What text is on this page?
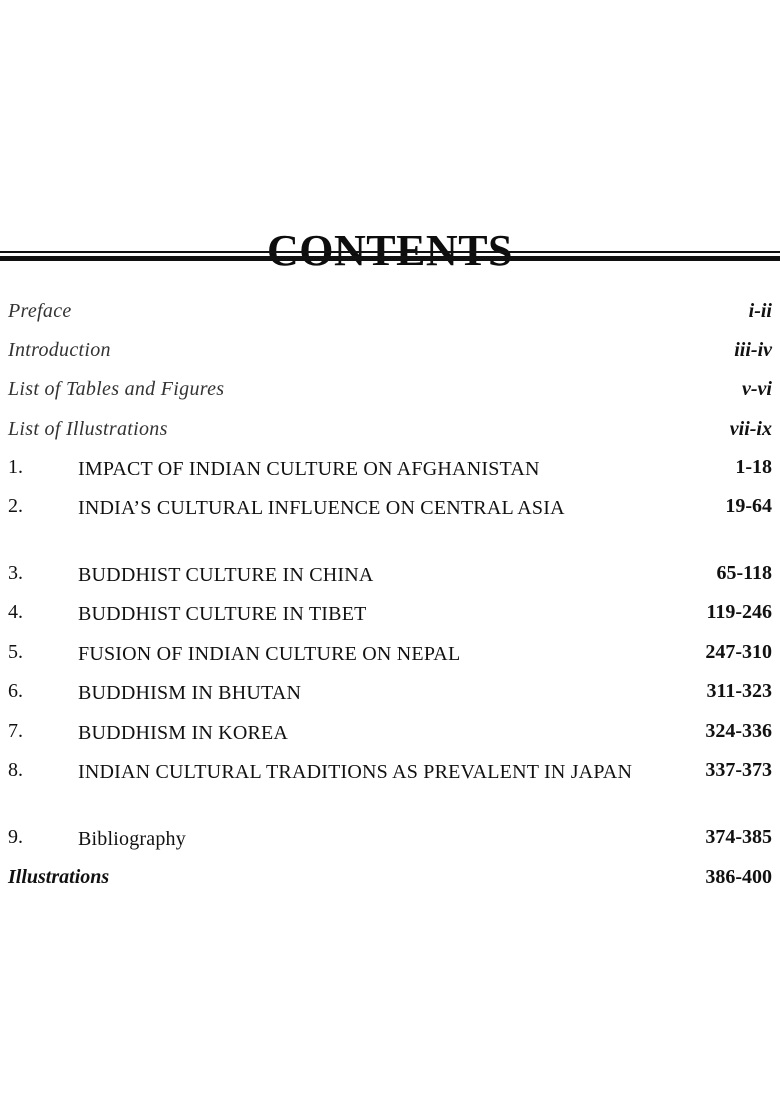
Preface	i-ii
Introduction	iii-iv
List of Tables and Figures	v-vi
List of Illustrations	vii-ix
1.	IMPACT OF INDIAN CULTURE ON AFGHANISTAN	1-18
2.	INDIA’S CULTURAL INFLUENCE ON CENTRAL ASIA	19-64
3.	BUDDHIST CULTURE IN CHINA	65-118
4.	BUDDHIST CULTURE IN TIBET	119-246
5.	FUSION OF INDIAN CULTURE ON NEPAL	247-310
6.	BUDDHISM IN BHUTAN	311-323
7.	BUDDHISM IN KOREA	324-336
8.	INDIAN CULTURAL TRADITIONS AS PREVALENT IN JAPAN	337-373
9.	Bibliography	374-385
Illustrations	386-400
